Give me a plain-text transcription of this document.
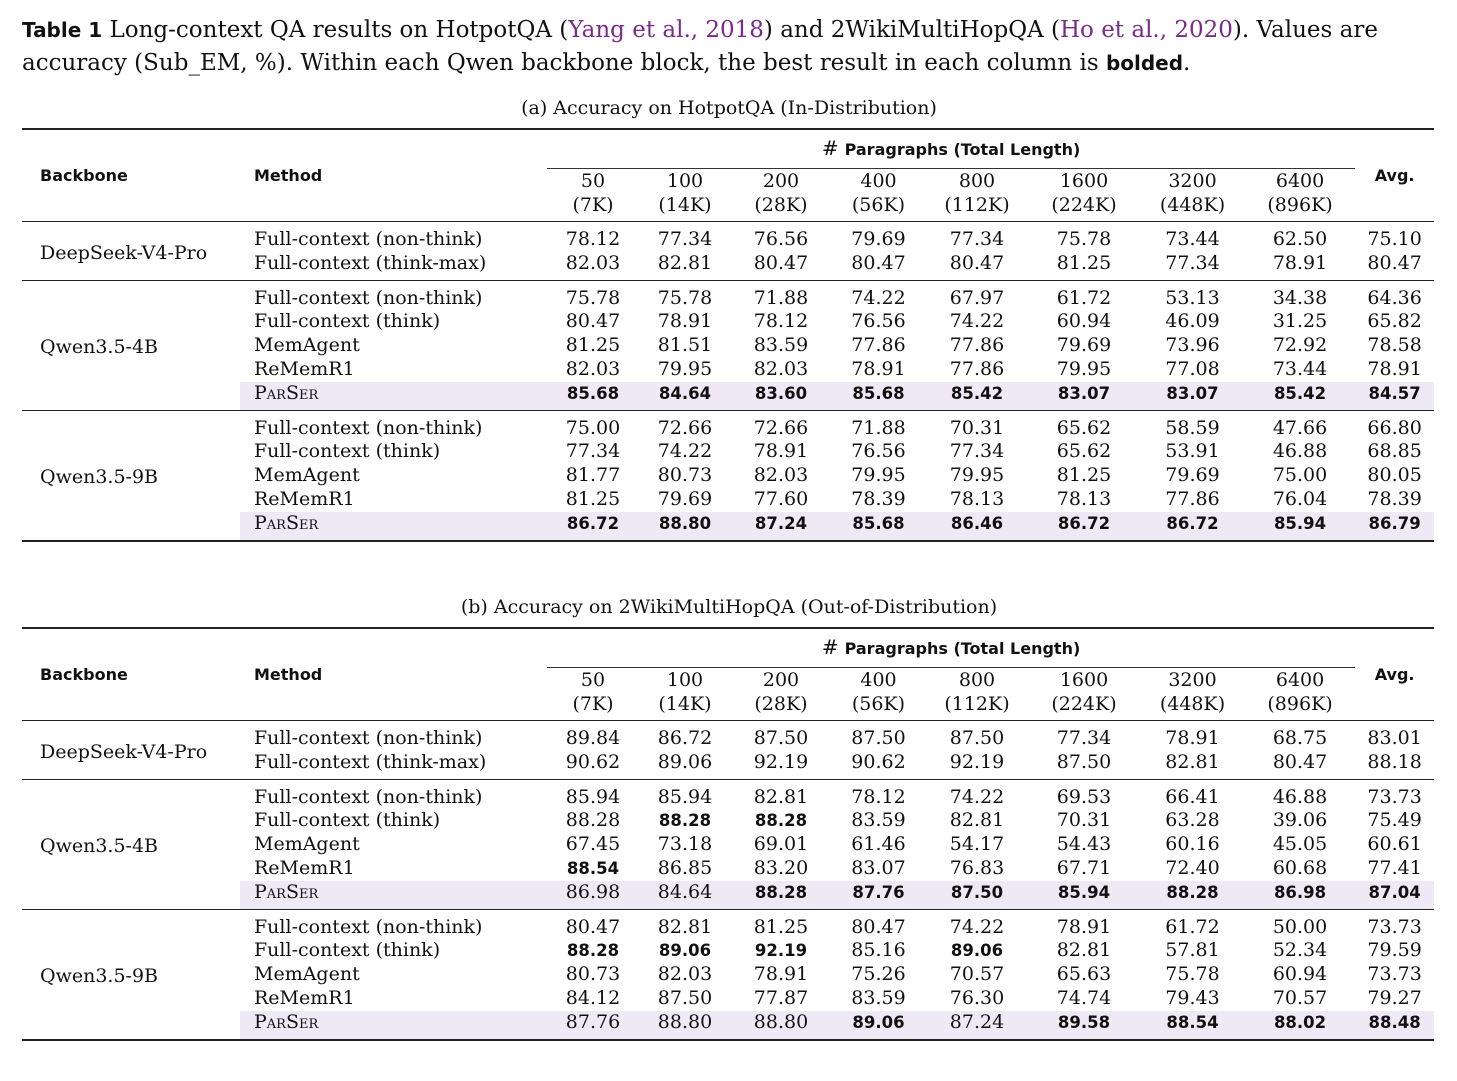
Table 1 Long-context QA results on HotpotQA (Yang et al., 2018) and 2WikiMultiHopQA (Ho et al., 2020). Values are accuracy (Sub_EM, %). Within each Qwen backbone block, the best result in each column is bolded.
(a) Accuracy on HotpotQA (In-Distribution)
Backbone	Method	# Paragraphs (Total Length)								Avg.
		50	100	200	400	800	1600	3200	6400	
		(7K)	(14K)	(28K)	(56K)	(112K)	(224K)	(448K)	(896K)	
DeepSeek-V4-Pro	Full-context (non-think)	78.12	77.34	76.56	79.69	77.34	75.78	73.44	62.50	75.10
	Full-context (think-max)	82.03	82.81	80.47	80.47	80.47	81.25	77.34	78.91	80.47
Qwen3.5-4B	Full-context (non-think)	75.78	75.78	71.88	74.22	67.97	61.72	53.13	34.38	64.36
	Full-context (think)	80.47	78.91	78.12	76.56	74.22	60.94	46.09	31.25	65.82
	MemAgent	81.25	81.51	83.59	77.86	77.86	79.69	73.96	72.92	78.58
	ReMemR1	82.03	79.95	82.03	78.91	77.86	79.95	77.08	73.44	78.91
	ParSer	85.68	84.64	83.60	85.68	85.42	83.07	83.07	85.42	84.57
Qwen3.5-9B	Full-context (non-think)	75.00	72.66	72.66	71.88	70.31	65.62	58.59	47.66	66.80
	Full-context (think)	77.34	74.22	78.91	76.56	77.34	65.62	53.91	46.88	68.85
	MemAgent	81.77	80.73	82.03	79.95	79.95	81.25	79.69	75.00	80.05
	ReMemR1	81.25	79.69	77.60	78.39	78.13	78.13	77.86	76.04	78.39
	ParSer	86.72	88.80	87.24	85.68	86.46	86.72	86.72	85.94	86.79
(b) Accuracy on 2WikiMultiHopQA (Out-of-Distribution)
Backbone	Method	# Paragraphs (Total Length)								Avg.
		50	100	200	400	800	1600	3200	6400	
		(7K)	(14K)	(28K)	(56K)	(112K)	(224K)	(448K)	(896K)	
DeepSeek-V4-Pro	Full-context (non-think)	89.84	86.72	87.50	87.50	87.50	77.34	78.91	68.75	83.01
	Full-context (think-max)	90.62	89.06	92.19	90.62	92.19	87.50	82.81	80.47	88.18
Qwen3.5-4B	Full-context (non-think)	85.94	85.94	82.81	78.12	74.22	69.53	66.41	46.88	73.73
	Full-context (think)	88.28	88.28	88.28	83.59	82.81	70.31	63.28	39.06	75.49
	MemAgent	67.45	73.18	69.01	61.46	54.17	54.43	60.16	45.05	60.61
	ReMemR1	88.54	86.85	83.20	83.07	76.83	67.71	72.40	60.68	77.41
	ParSer	86.98	84.64	88.28	87.76	87.50	85.94	88.28	86.98	87.04
Qwen3.5-9B	Full-context (non-think)	80.47	82.81	81.25	80.47	74.22	78.91	61.72	50.00	73.73
	Full-context (think)	88.28	89.06	92.19	85.16	89.06	82.81	57.81	52.34	79.59
	MemAgent	80.73	82.03	78.91	75.26	70.57	65.63	75.78	60.94	73.73
	ReMemR1	84.12	87.50	77.87	83.59	76.30	74.74	79.43	70.57	79.27
	ParSer	87.76	88.80	88.80	89.06	87.24	89.58	88.54	88.02	88.48
